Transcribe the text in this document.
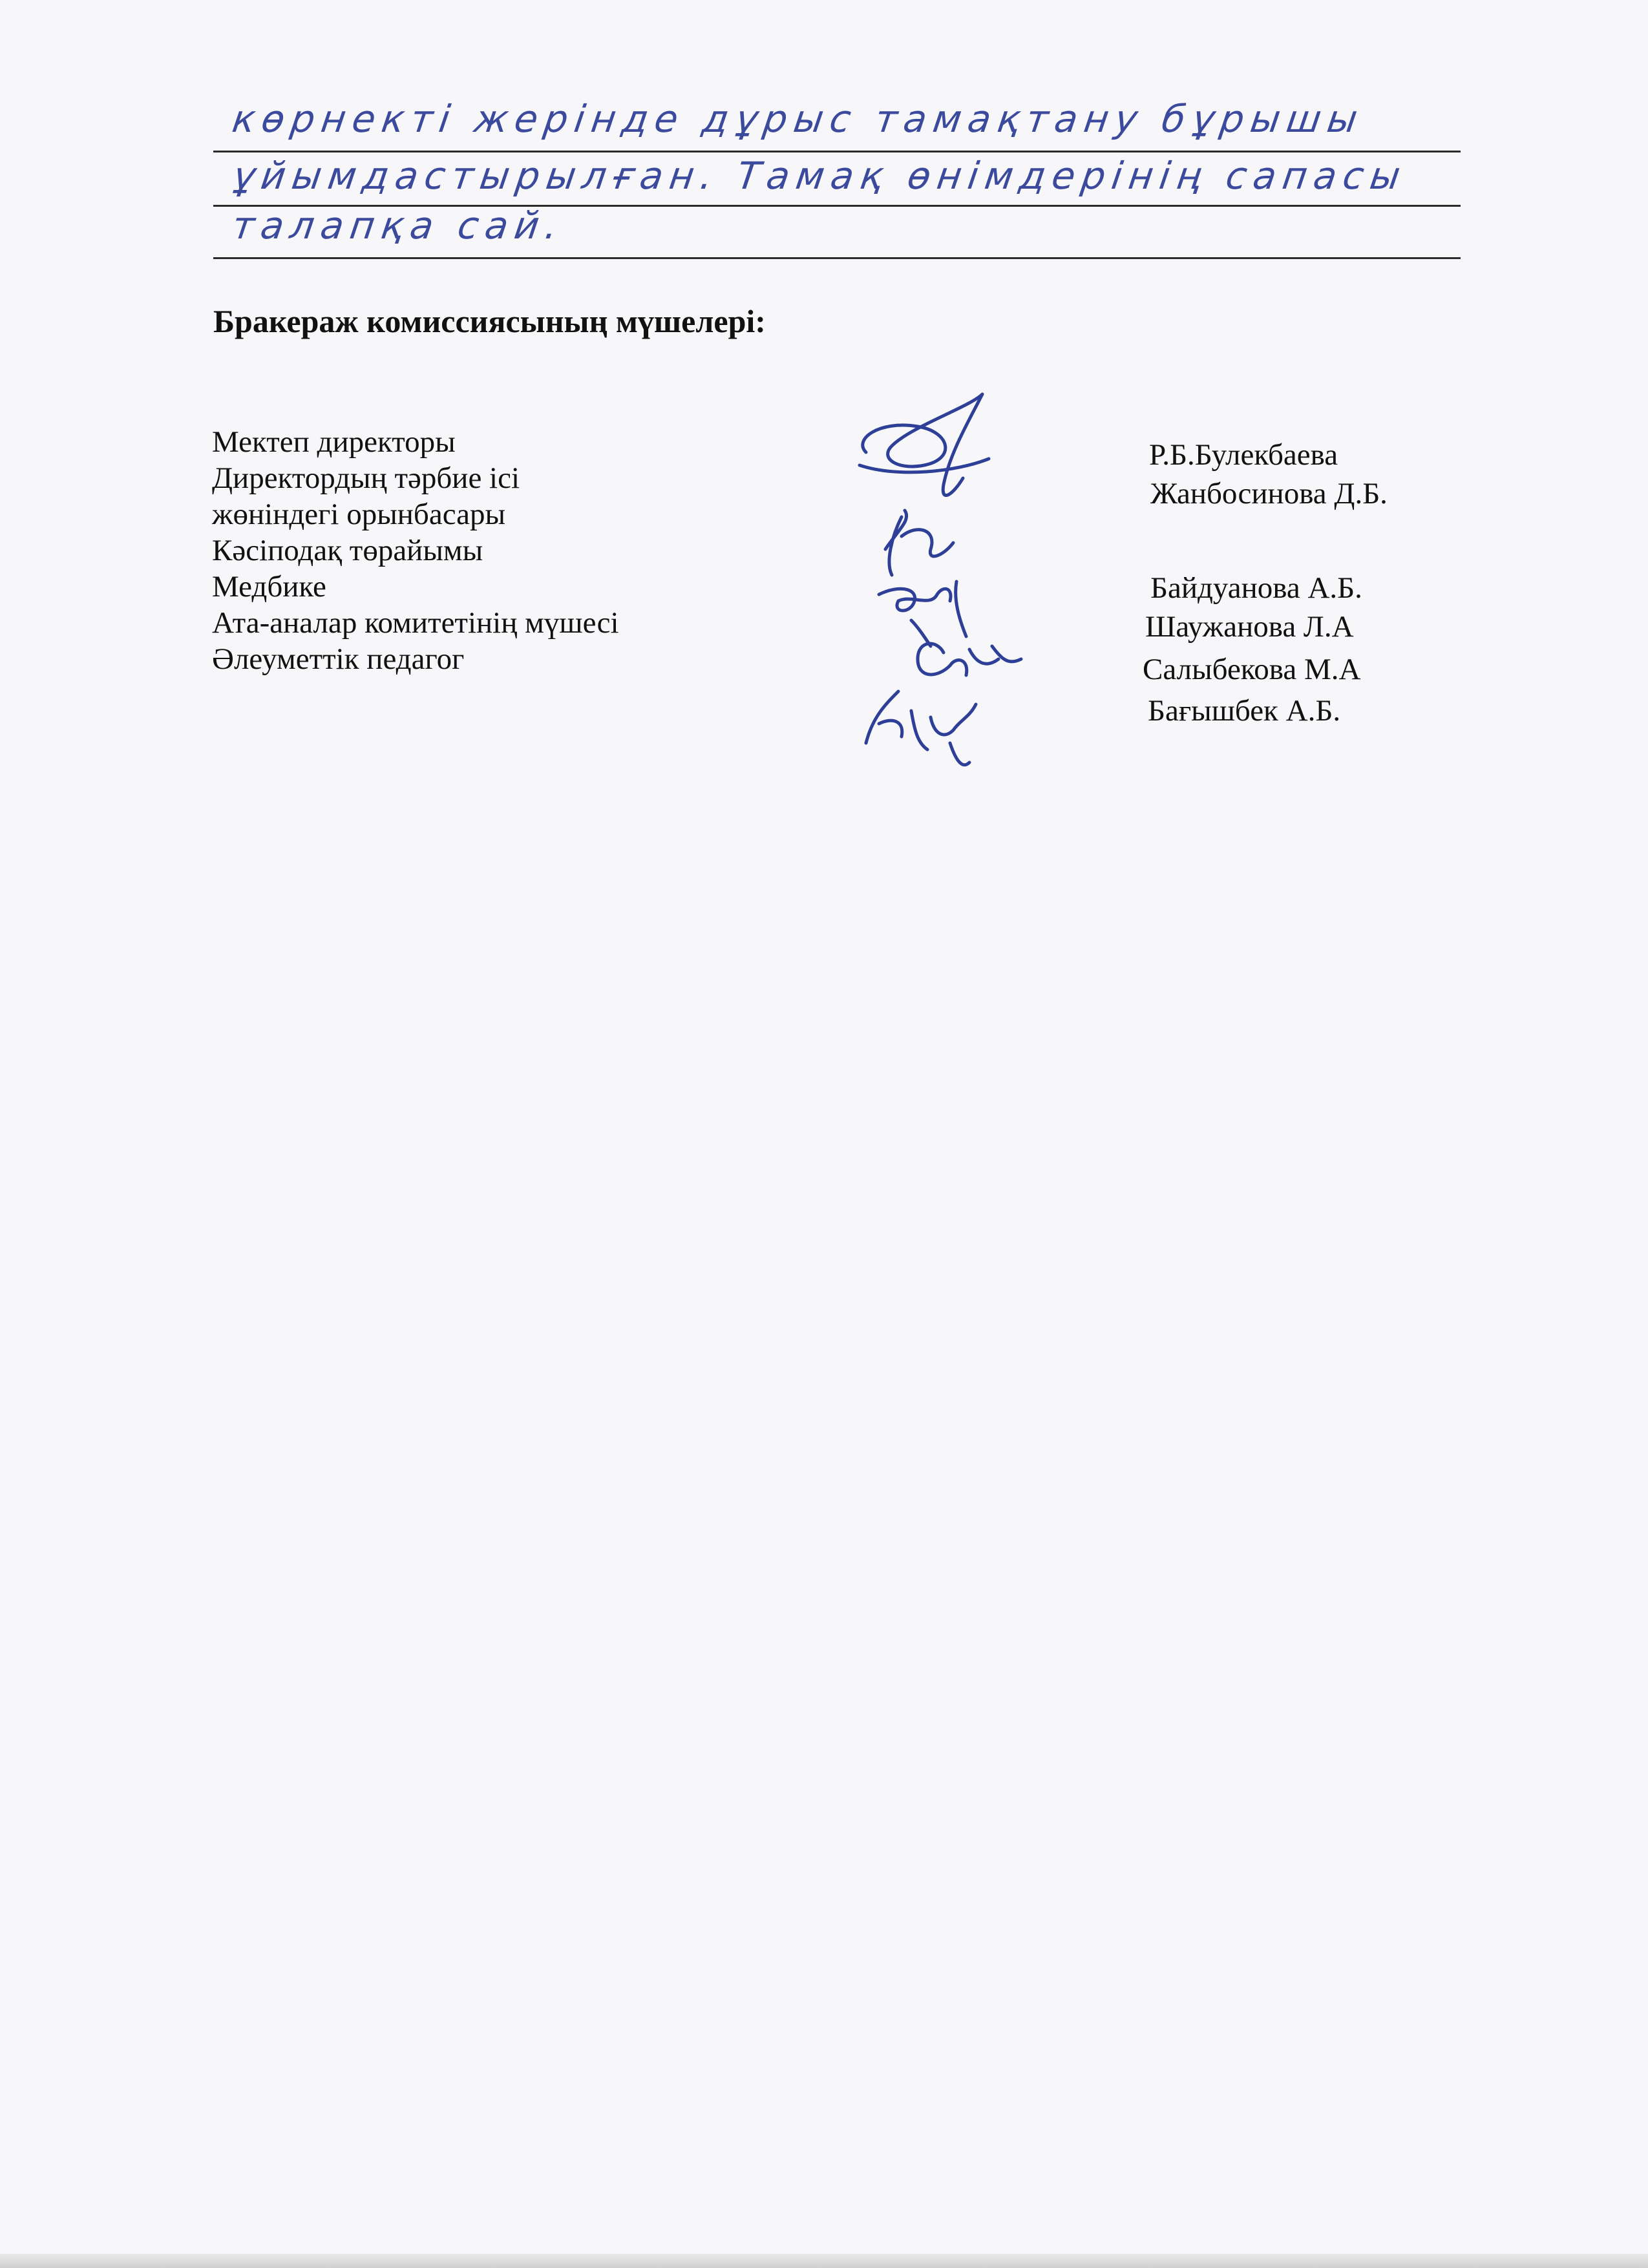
көрнекті жерінде дұрыс тамақтану бұрышы
ұйымдастырылған. Тамақ өнімдерінің сапасы
талапқа сай.
Бракераж комиссиясының мүшелері:
Мектеп директоры
Директордың тәрбие ісі
жөніндегі орынбасары
Кәсіподақ төрайымы
Медбике
Ата-аналар комитетінің мүшесі
Әлеуметтік педагог
Р.Б.Булекбаева
Жанбосинова Д.Б.
Байдуанова А.Б.
Шаужанова Л.А
Салыбекова М.А
Бағышбек А.Б.
